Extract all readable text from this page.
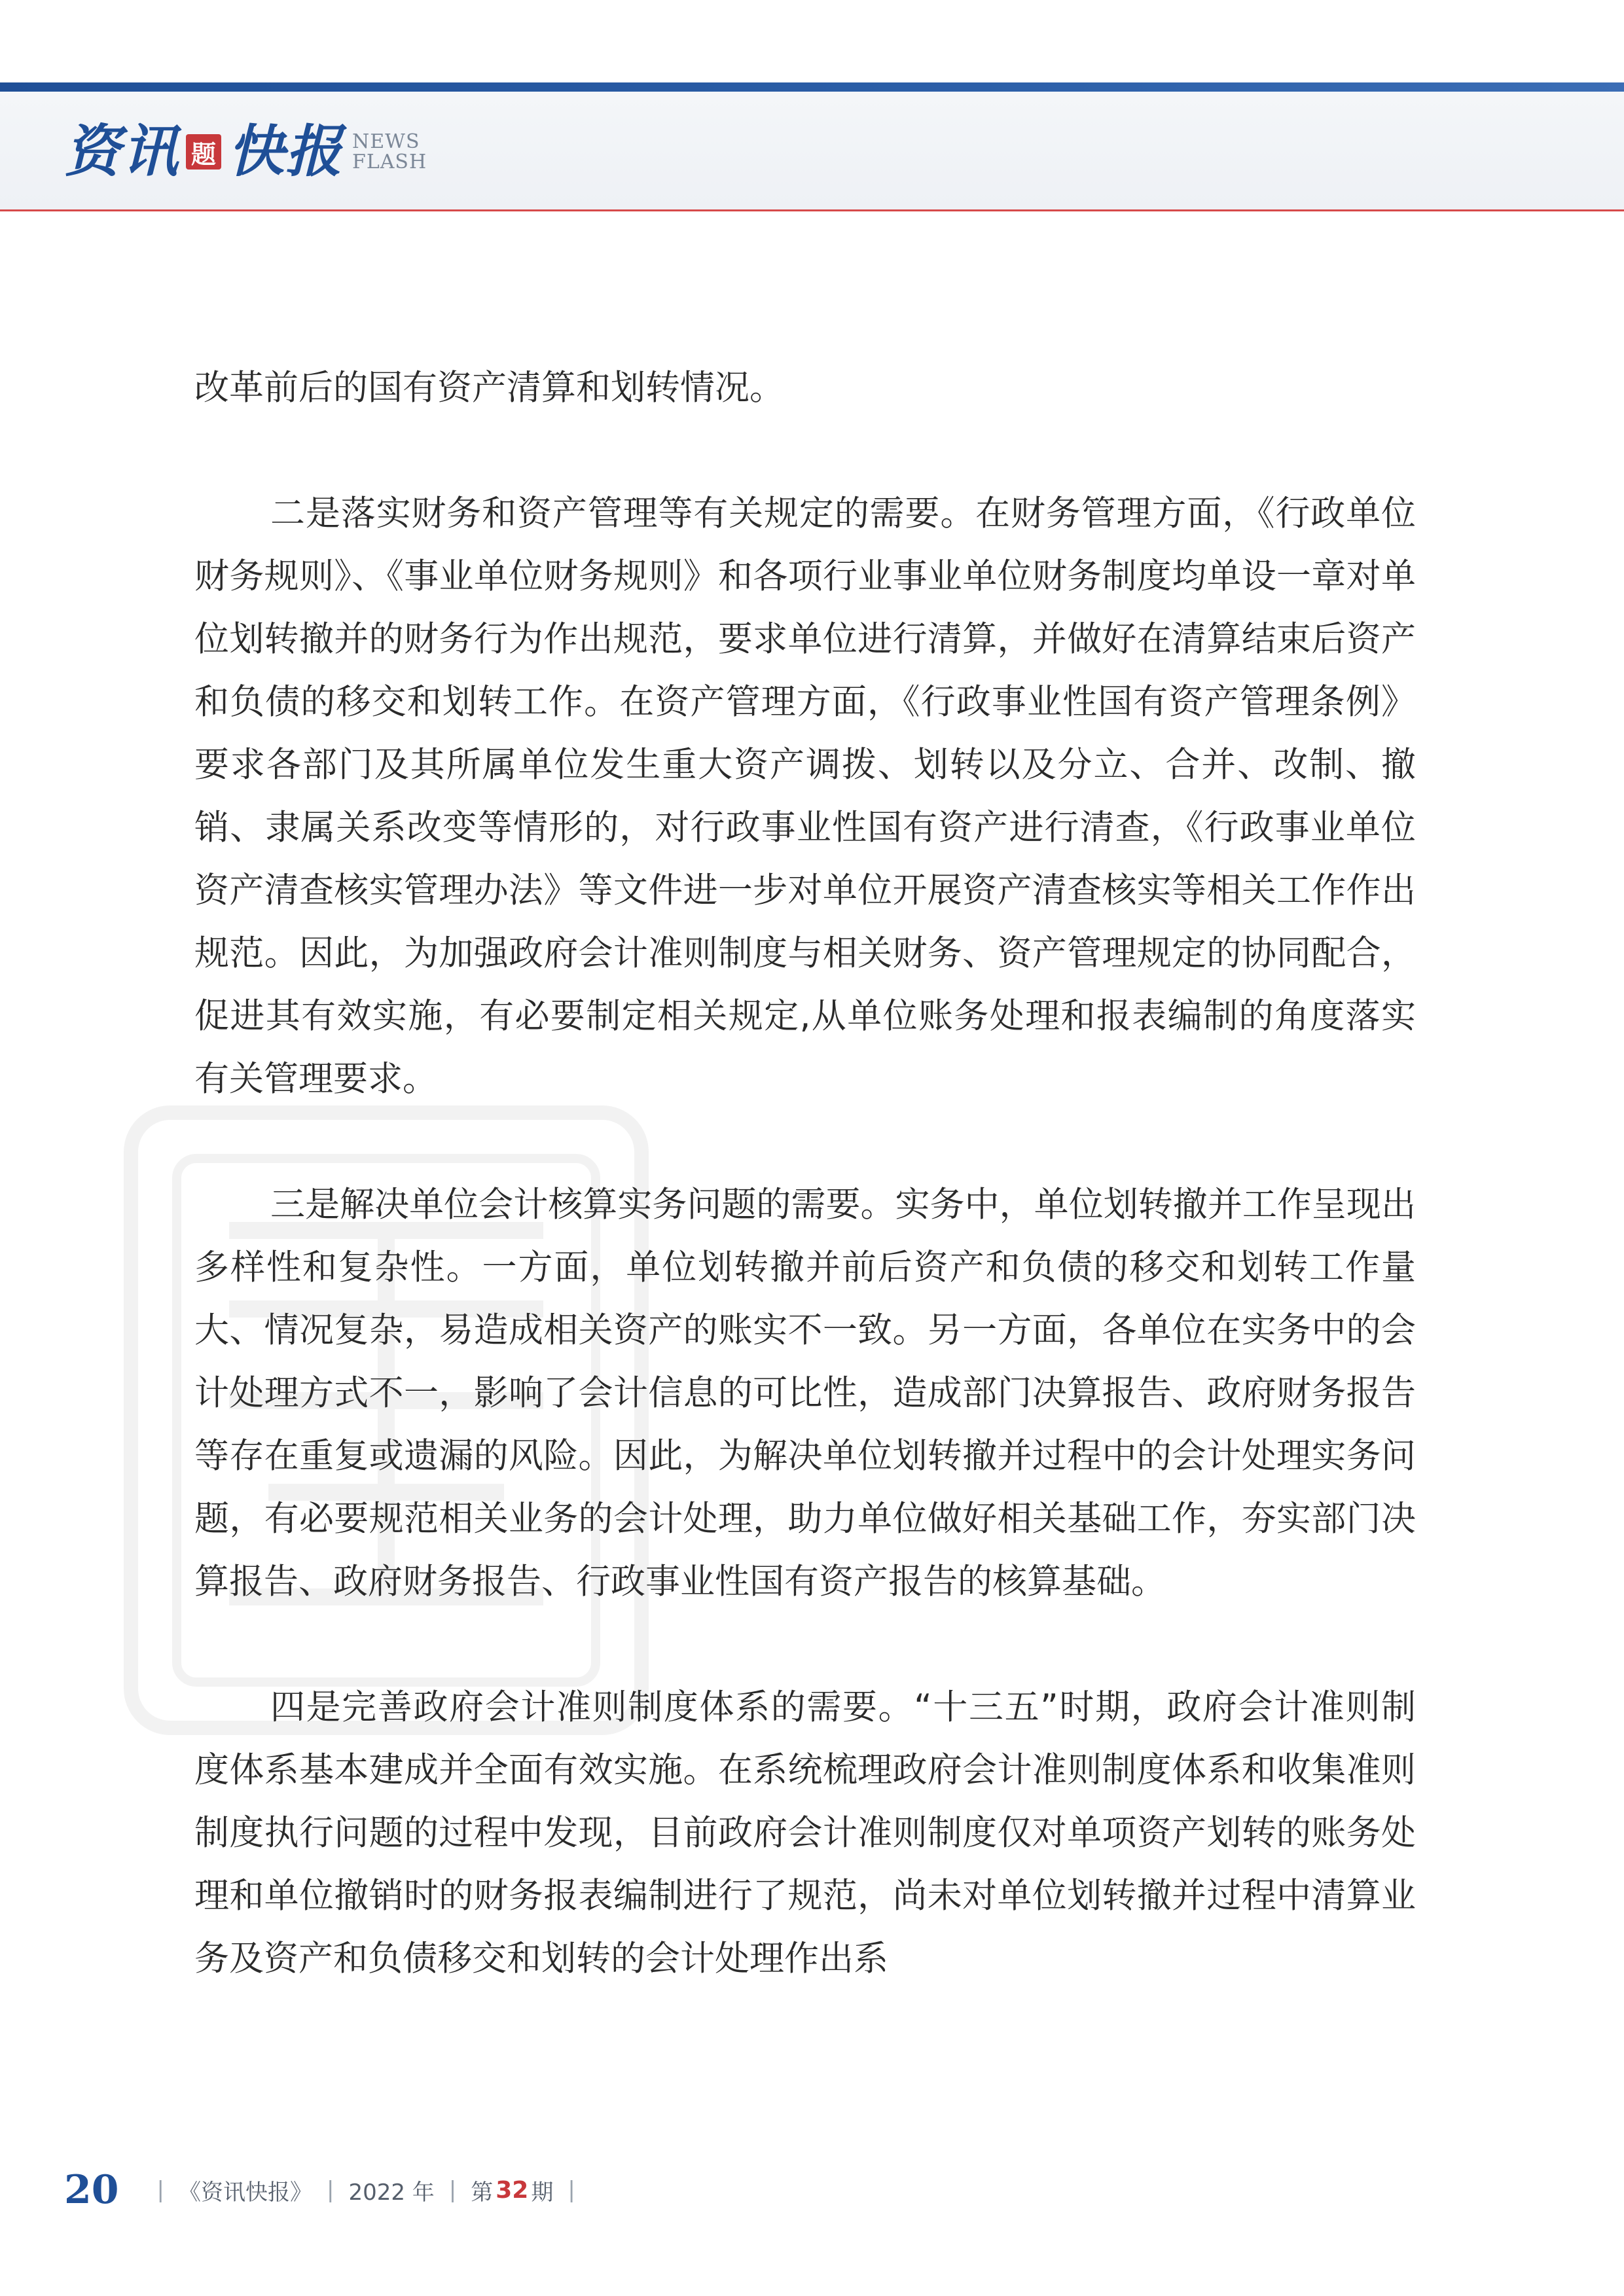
资讯 题 快报 NEWS
FLASH

改革前后的国有资产清算和划转情况。

二是落实财务和资产管理等有关规定的需要。在财务管理方面，《行政单位财务规则》、《事业单位财务规则》和各项行业事业单位财务制度均单设一章对单位划转撤并的财务行为作出规范，要求单位进行清算，并做好在清算结束后资产和负债的移交和划转工作。在资产管理方面，《行政事业性国有资产管理条例》要求各部门及其所属单位发生重大资产调拨、划转以及分立、合并、改制、撤销、隶属关系改变等情形的，对行政事业性国有资产进行清查，《行政事业单位资产清查核实管理办法》等文件进一步对单位开展资产清查核实等相关工作作出规范。因此，为加强政府会计准则制度与相关财务、资产管理规定的协同配合，促进其有效实施，有必要制定相关规定,从单位账务处理和报表编制的角度落实有关管理要求。

三是解决单位会计核算实务问题的需要。实务中，单位划转撤并工作呈现出多样性和复杂性。一方面，单位划转撤并前后资产和负债的移交和划转工作量大、情况复杂，易造成相关资产的账实不一致。另一方面，各单位在实务中的会计处理方式不一，影响了会计信息的可比性，造成部门决算报告、政府财务报告等存在重复或遗漏的风险。因此，为解决单位划转撤并过程中的会计处理实务问题，有必要规范相关业务的会计处理，助力单位做好相关基础工作，夯实部门决算报告、政府财务报告、行政事业性国有资产报告的核算基础。

四是完善政府会计准则制度体系的需要。“十三五”时期，政府会计准则制度体系基本建成并全面有效实施。在系统梳理政府会计准则制度体系和收集准则制度执行问题的过程中发现，目前政府会计准则制度仅对单项资产划转的账务处理和单位撤销时的财务报表编制进行了规范，尚未对单位划转撤并过程中清算业务及资产和负债移交和划转的会计处理作出系

20 | 《资讯快报》 | 2022 年 | 第 32 期 |
